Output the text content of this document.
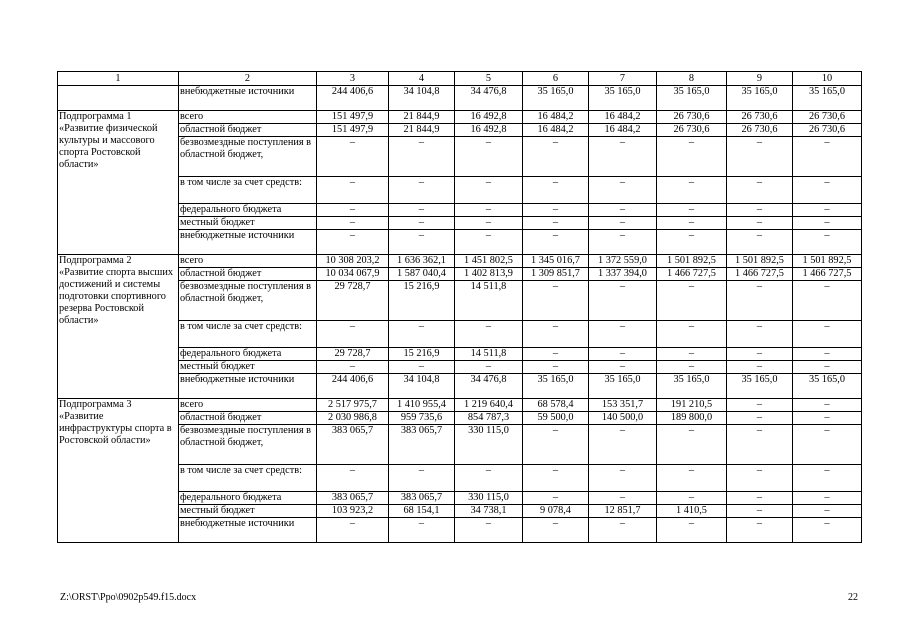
1	2	3	4	5	6	7	8	9	10
	внебюджетные источники	244 406,6	34 104,8	34 476,8	35 165,0	35 165,0	35 165,0	35 165,0	35 165,0
Подпрограмма 1 «Развитие физической культуры и массового спорта Ростовской области»	всего	151 497,9	21 844,9	16 492,8	16 484,2	16 484,2	26 730,6	26 730,6	26 730,6
	областной бюджет	151 497,9	21 844,9	16 492,8	16 484,2	16 484,2	26 730,6	26 730,6	26 730,6
	безвозмездные поступления в областной бюджет,	–	–	–	–	–	–	–	–
	в том числе за счет средств:	–	–	–	–	–	–	–	–
	федерального бюджета	–	–	–	–	–	–	–	–
	местный бюджет	–	–	–	–	–	–	–	–
	внебюджетные источники	–	–	–	–	–	–	–	–
Подпрограмма 2 «Развитие спорта высших достижений и системы подготовки спортивного резерва Ростовской области»	всего	10 308 203,2	1 636 362,1	1 451 802,5	1 345 016,7	1 372 559,0	1 501 892,5	1 501 892,5	1 501 892,5
	областной бюджет	10 034 067,9	1 587 040,4	1 402 813,9	1 309 851,7	1 337 394,0	1 466 727,5	1 466 727,5	1 466 727,5
	безвозмездные поступления в областной бюджет,	29 728,7	15 216,9	14 511,8	–	–	–	–	–
	в том числе за счет средств:	–	–	–	–	–	–	–	–
	федерального бюджета	29 728,7	15 216,9	14 511,8	–	–	–	–	–
	местный бюджет	–	–	–	–	–	–	–	–
	внебюджетные источники	244 406,6	34 104,8	34 476,8	35 165,0	35 165,0	35 165,0	35 165,0	35 165,0
Подпрограмма 3 «Развитие инфраструктуры спорта в Ростовской области»	всего	2 517 975,7	1 410 955,4	1 219 640,4	68 578,4	153 351,7	191 210,5	–	–
	областной бюджет	2 030 986,8	959 735,6	854 787,3	59 500,0	140 500,0	189 800,0	–	–
	безвозмездные поступления в областной бюджет,	383 065,7	383 065,7	330 115,0	–	–	–	–	–
	в том числе за счет средств:	–	–	–	–	–	–	–	–
	федерального бюджета	383 065,7	383 065,7	330 115,0	–	–	–	–	–
	местный бюджет	103 923,2	68 154,1	34 738,1	9 078,4	12 851,7	1 410,5	–	–
	внебюджетные источники	–	–	–	–	–	–	–	–
Z:\ORST\Ppo\0902p549.f15.docx	22
